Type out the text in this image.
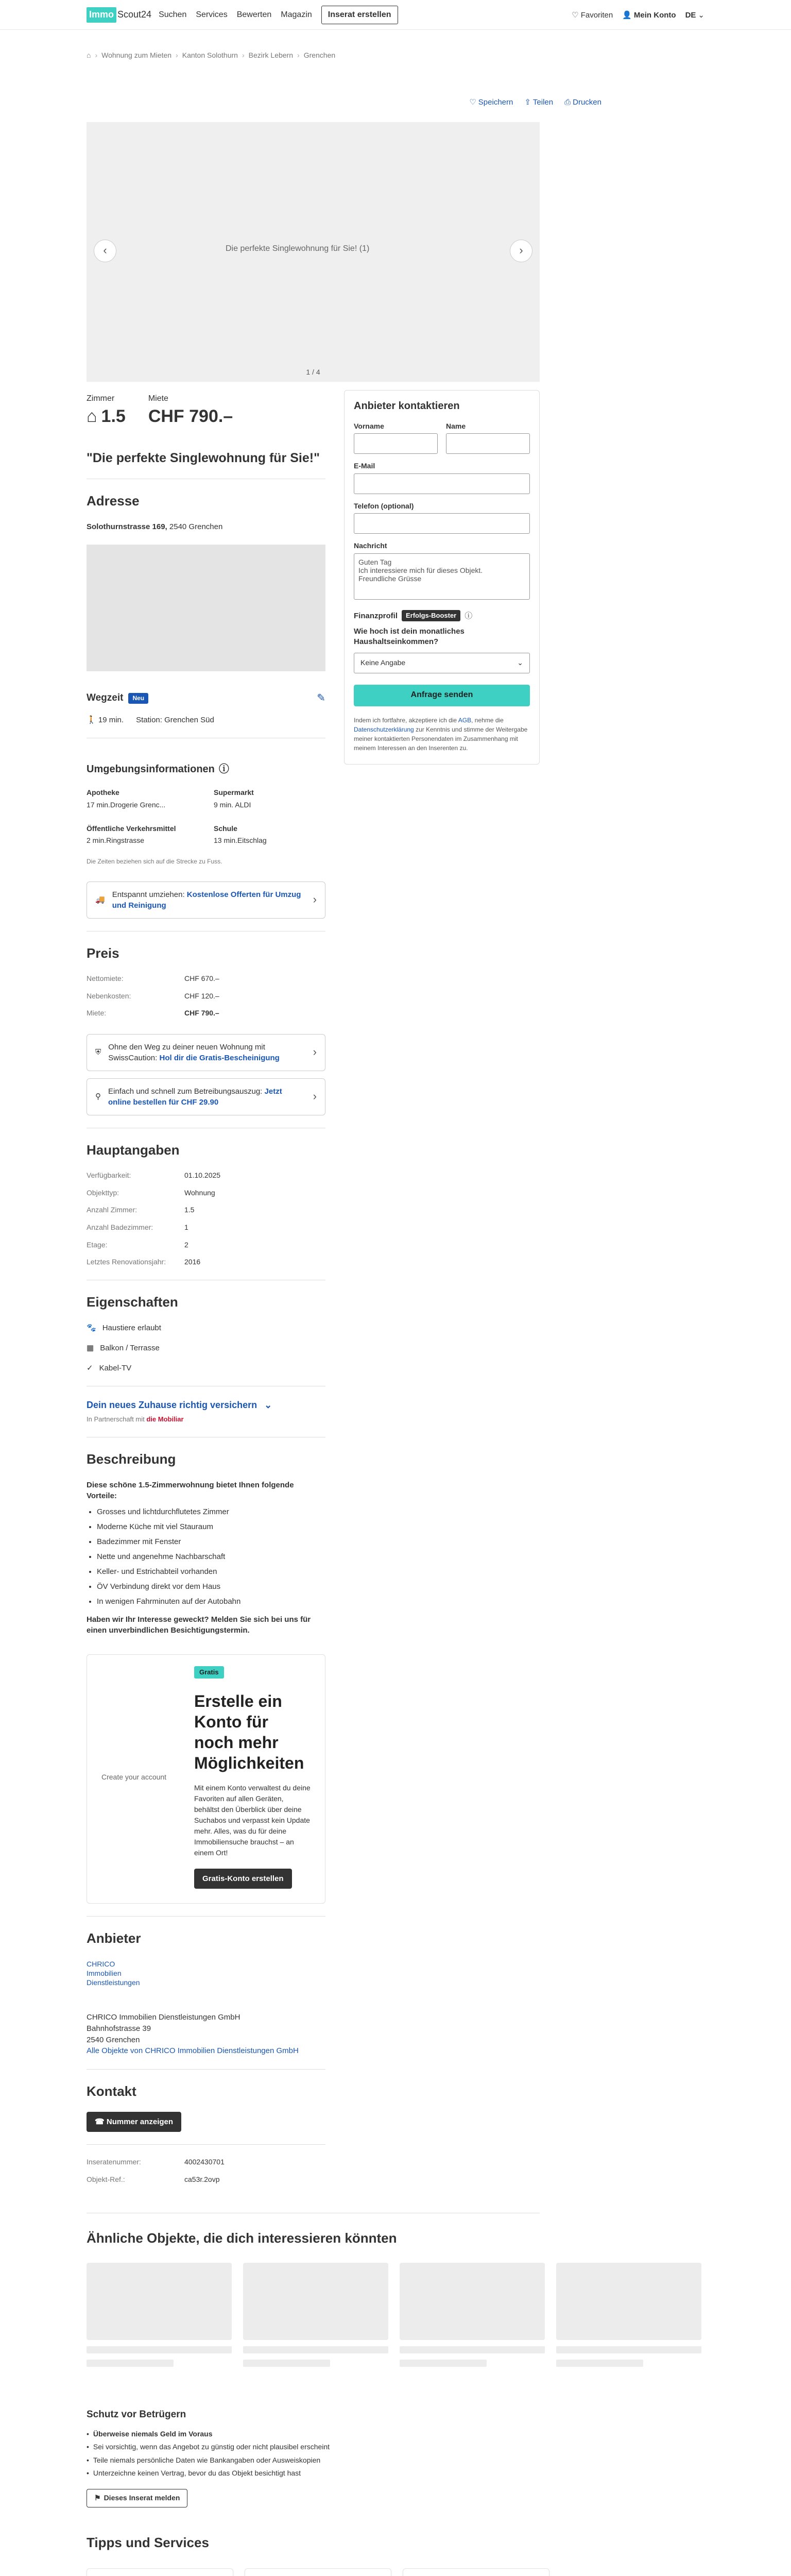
Immo Scout24 Suchen Services Bewerten Magazin	Inserat erstellen	♡ Favoriten 👤 Mein Konto DE ⌄
⌂ › Wohnung zum Mieten › Kanton Solothurn › Bezirk Lebern › Grenchen
♡ Speichern ⇪ Teilen ⎙ Drucken
Die perfekte Singlewohnung für Sie! (1)
‹	›
1 / 4
Zimmer
⌂ 1.5
Miete
CHF 790.–
"Die perfekte Singlewohnung für Sie!"
Adresse
Solothurnstrasse 169, 2540 Grenchen
Wegzeit	Neu	✎
🚶 19 min. Station: Grenchen Süd
Umgebungsinformationen ⓘ
Apotheke
17 min.Drogerie Grenc...
Supermarkt
9 min. ALDI
Öffentliche Verkehrsmittel
2 min.Ringstrasse
Schule
13 min.Eitschlag
Die Zeiten beziehen sich auf die Strecke zu Fuss.
🚚
Entspannt umziehen: Kostenlose Offerten für Umzug und Reinigung	›
Preis
Nettomiete:	CHF 670.–
Nebenkosten:	CHF 120.–
Miete:	CHF 790.–
⛨
Ohne den Weg zu deiner neuen Wohnung mit SwissCaution: Hol dir die Gratis-Bescheinigung	›
⚲
Einfach und schnell zum Betreibungsauszug: Jetzt online bestellen für CHF 29.90	›
Hauptangaben
Verfügbarkeit:	01.10.2025
Objekttyp:	Wohnung
Anzahl Zimmer:	1.5
Anzahl Badezimmer:	1
Etage:	2
Letztes Renovationsjahr:	2016
Eigenschaften
🐾 Haustiere erlaubt
▦ Balkon / Terrasse
✓ Kabel-TV
Dein neues Zuhause richtig versichern ⌄
In Partnerschaft mit die Mobiliar
Beschreibung
Diese schöne 1.5-Zimmerwohnung bietet Ihnen folgende Vorteile:
• Grosses und lichtdurchflutetes Zimmer
• Moderne Küche mit viel Stauraum
• Badezimmer mit Fenster
• Nette und angenehme Nachbarschaft
• Keller- und Estrichabteil vorhanden
• ÖV Verbindung direkt vor dem Haus
• In wenigen Fahrminuten auf der Autobahn
Haben wir Ihr Interesse geweckt? Melden Sie sich bei uns für einen unverbindlichen Besichtigungstermin.
Create your account
Gratis
Erstelle ein Konto für noch mehr Möglichkeiten
Mit einem Konto verwaltest du deine Favoriten auf allen Geräten, behältst den Überblick über deine Suchabos und verpasst kein Update mehr. Alles, was du für deine Immobiliensuche brauchst – an einem Ort!
Gratis-Konto erstellen
Anbieter
CHRICO Immobilien Dienstleistungen
CHRICO Immobilien Dienstleistungen GmbH
Bahnhofstrasse 39
2540 Grenchen
Alle Objekte von CHRICO Immobilien Dienstleistungen GmbH
Kontakt
☎ Nummer anzeigen
Inseratenummer:	4002430701
Objekt-Ref.:	ca53r.2ovp
Anbieter kontaktieren
Vorname	Name
E-Mail
Telefon (optional)
Nachricht
Guten Tag Ich interessiere mich für dieses Objekt. Freundliche Grüsse
Finanzprofil	Erfolgs-Booster	ⓘ
Wie hoch ist dein monatliches Haushaltseinkommen?
Keine Angabe	⌄
Anfrage senden
Indem ich fortfahre, akzeptiere ich die AGB, nehme die Datenschutzerklärung zur Kenntnis und stimme der Weitergabe meiner kontaktierten Personendaten im Zusammenhang mit meinem Interessen an den Inserenten zu.
Ähnliche Objekte, die dich interessieren könnten
Schutz vor Betrügern
• Überweise niemals Geld im Voraus
• Sei vorsichtig, wenn das Angebot zu günstig oder nicht plausibel erscheint
• Teile niemals persönliche Daten wie Bankangaben oder Ausweiskopien
• Unterzeichne keinen Vertrag, bevor du das Objekt besichtigt hast
⚑ Dieses Inserat melden
Tipps und Services
